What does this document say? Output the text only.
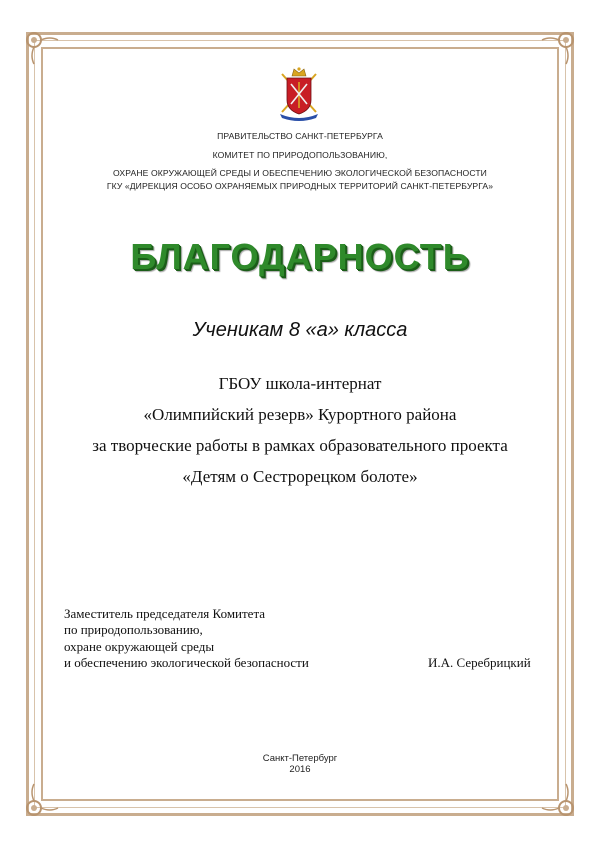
ПРАВИТЕЛЬСТВО САНКТ-ПЕТЕРБУРГА
КОМИТЕТ ПО ПРИРОДОПОЛЬЗОВАНИЮ,
ОХРАНЕ ОКРУЖАЮЩЕЙ СРЕДЫ И ОБЕСПЕЧЕНИЮ ЭКОЛОГИЧЕСКОЙ БЕЗОПАСНОСТИ
ГКУ «ДИРЕКЦИЯ ОСОБО ОХРАНЯЕМЫХ ПРИРОДНЫХ ТЕРРИТОРИЙ САНКТ-ПЕТЕРБУРГА»
БЛАГОДАРНОСТЬ
Ученикам 8 «а» класса
ГБОУ школа-интернат
«Олимпийский резерв» Курортного района
за творческие работы в рамках образовательного проекта
«Детям о Сестрорецком болоте»
Заместитель председателя Комитета
по природопользованию,
охране окружающей среды
и обеспечению экологической безопасности	И.А. Серебрицкий
Санкт-Петербург
2016
